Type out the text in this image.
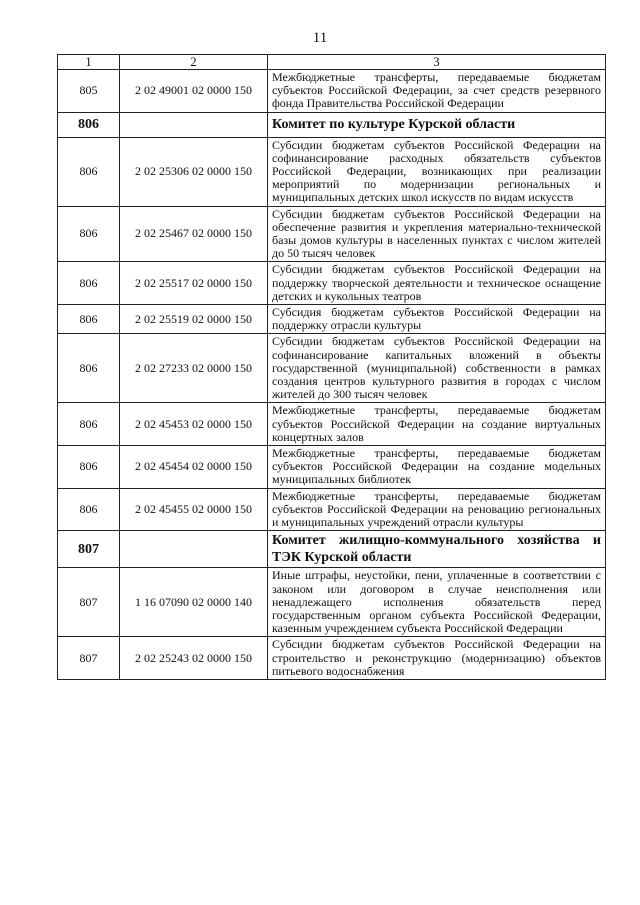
11
1	2	3
805	2 02 49001 02 0000 150	Межбюджетные трансферты, передаваемые бюджетам субъектов Российской Федерации, за счет средств резервного фонда Правительства Российской Федерации
806		Комитет по культуре Курской области
806	2 02 25306 02 0000 150	Субсидии бюджетам субъектов Российской Федерации на софинансирование расходных обязательств субъектов Российской Федерации, возникающих при реализации мероприятий по модернизации региональных и муниципальных детских школ искусств по видам искусств
806	2 02 25467 02 0000 150	Субсидии бюджетам субъектов Российской Федерации на обеспечение развития и укрепления материально-технической базы домов культуры в населенных пунктах с числом жителей до 50 тысяч человек
806	2 02 25517 02 0000 150	Субсидии бюджетам субъектов Российской Федерации на поддержку творческой деятельности и техническое оснащение детских и кукольных театров
806	2 02 25519 02 0000 150	Субсидия бюджетам субъектов Российской Федерации на поддержку отрасли культуры
806	2 02 27233 02 0000 150	Субсидии бюджетам субъектов Российской Федерации на софинансирование капитальных вложений в объекты государственной (муниципальной) собственности в рамках создания центров культурного развития в городах с числом жителей до 300 тысяч человек
806	2 02 45453 02 0000 150	Межбюджетные трансферты, передаваемые бюджетам субъектов Российской Федерации на создание виртуальных концертных залов
806	2 02 45454 02 0000 150	Межбюджетные трансферты, передаваемые бюджетам субъектов Российской Федерации на создание модельных муниципальных библиотек
806	2 02 45455 02 0000 150	Межбюджетные трансферты, передаваемые бюджетам субъектов Российской Федерации на реновацию региональных и муниципальных учреждений отрасли культуры
807		Комитет жилищно-коммунального хозяйства и ТЭК Курской области
807	1 16 07090 02 0000 140	Иные штрафы, неустойки, пени, уплаченные в соответствии с законом или договором в случае неисполнения или ненадлежащего исполнения обязательств перед государственным органом субъекта Российской Федерации, казенным учреждением субъекта Российской Федерации
807	2 02 25243 02 0000 150	Субсидии бюджетам субъектов Российской Федерации на строительство и реконструкцию (модернизацию) объектов питьевого водоснабжения
